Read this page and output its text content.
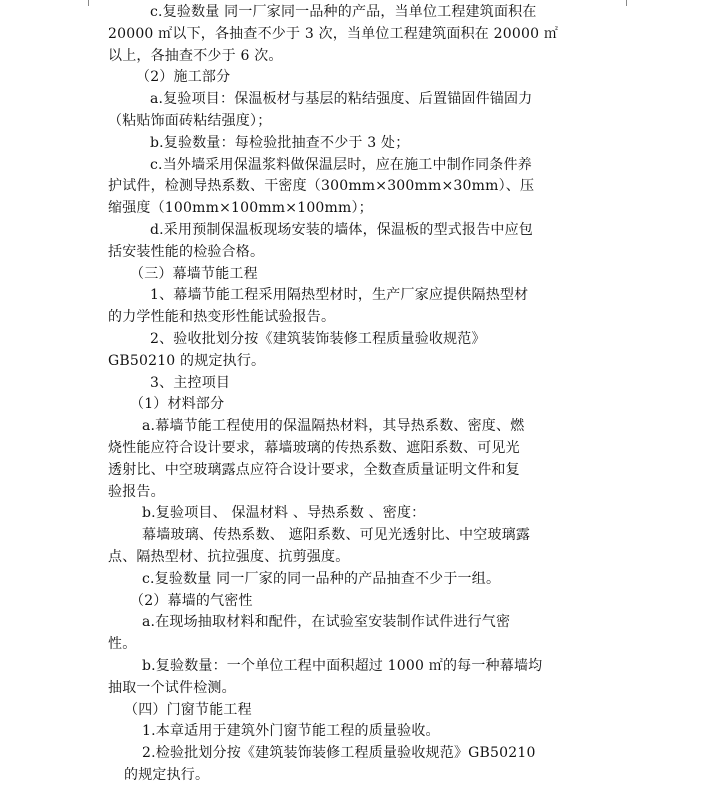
c.复验数量 同一厂家同一品种的产品，当单位工程建筑面积在
20000 ㎡以下，各抽查不少于 3 次，当单位工程建筑面积在 20000 ㎡
以上，各抽查不少于 6 次。
（2）施工部分
a.复验项目：保温板材与基层的粘结强度、后置锚固件锚固力
（粘贴饰面砖粘结强度）；
b.复验数量：每检验批抽查不少于 3 处；
c.当外墙采用保温浆料做保温层时，应在施工中制作同条件养
护试件，检测导热系数、干密度（300mm×300mm×30mm）、压
缩强度（100mm×100mm×100mm）；
d.采用预制保温板现场安装的墙体，保温板的型式报告中应包
括安装性能的检验合格。
（三）幕墙节能工程
1、幕墙节能工程采用隔热型材时，生产厂家应提供隔热型材
的力学性能和热变形性能试验报告。
2、验收批划分按《建筑装饰装修工程质量验收规范》
GB50210 的规定执行。
3、主控项目
（1）材料部分
a.幕墙节能工程使用的保温隔热材料，其导热系数、密度、燃
烧性能应符合设计要求，幕墙玻璃的传热系数、遮阳系数、可见光
透射比、中空玻璃露点应符合设计要求，全数查质量证明文件和复
验报告。
b.复验项目、 保温材料 、导热系数 、密度：
幕墙玻璃、传热系数、 遮阳系数、可见光透射比、中空玻璃露
点、隔热型材、抗拉强度、抗剪强度。
c.复验数量 同一厂家的同一品种的产品抽查不少于一组。
（2）幕墙的气密性
a.在现场抽取材料和配件，在试验室安装制作试件进行气密
性。
b.复验数量：一个单位工程中面积超过 1000 ㎡的每一种幕墙均
抽取一个试件检测。
（四）门窗节能工程
1.本章适用于建筑外门窗节能工程的质量验收。
2.检验批划分按《建筑装饰装修工程质量验收规范》GB50210
的规定执行。
